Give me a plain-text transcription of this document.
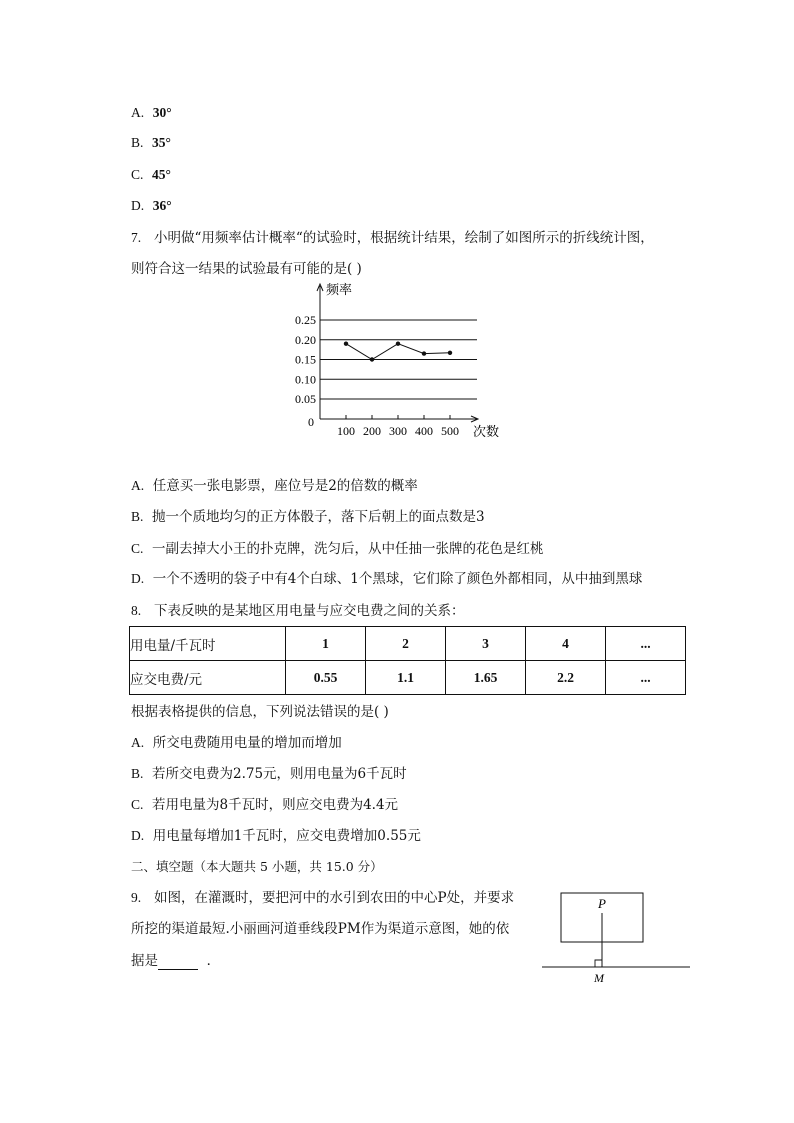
A. 30°
B. 35°
C. 45°
D. 36°
7. 小明做“用频率估计概率“的试验时，根据统计结果，绘制了如图所示的折线统计图，
则符合这一结果的试验最有可能的是( )
0.25
0.20
0.15
0.10
0.05
0
频率
次数
100 200 300 400 500
A. 任意买一张电影票，座位号是2的倍数的概率
B. 抛一个质地均匀的正方体骰子，落下后朝上的面点数是3
C. 一副去掉大小王的扑克牌，洗匀后，从中任抽一张牌的花色是红桃
D. 一个不透明的袋子中有4个白球、1个黑球，它们除了颜色外都相同，从中抽到黑球
8. 下表反映的是某地区用电量与应交电费之间的关系：
用电量/千瓦时	1	2	3	4	...
应交电费/元	0.55	1.1	1.65	2.2	...
根据表格提供的信息，下列说法错误的是( )
A. 所交电费随用电量的增加而增加
B. 若所交电费为2.75元，则用电量为6千瓦时
C. 若用电量为8千瓦时，则应交电费为4.4元
D. 用电量每增加1千瓦时，应交电费增加0.55元
二、填空题（本大题共 5 小题，共 15.0 分）
9. 如图，在灌溉时，要把河中的水引到农田的中心P处，并要求
所挖的渠道最短.小丽画河道垂线段PM作为渠道示意图，她的依
据是	．
P
M
